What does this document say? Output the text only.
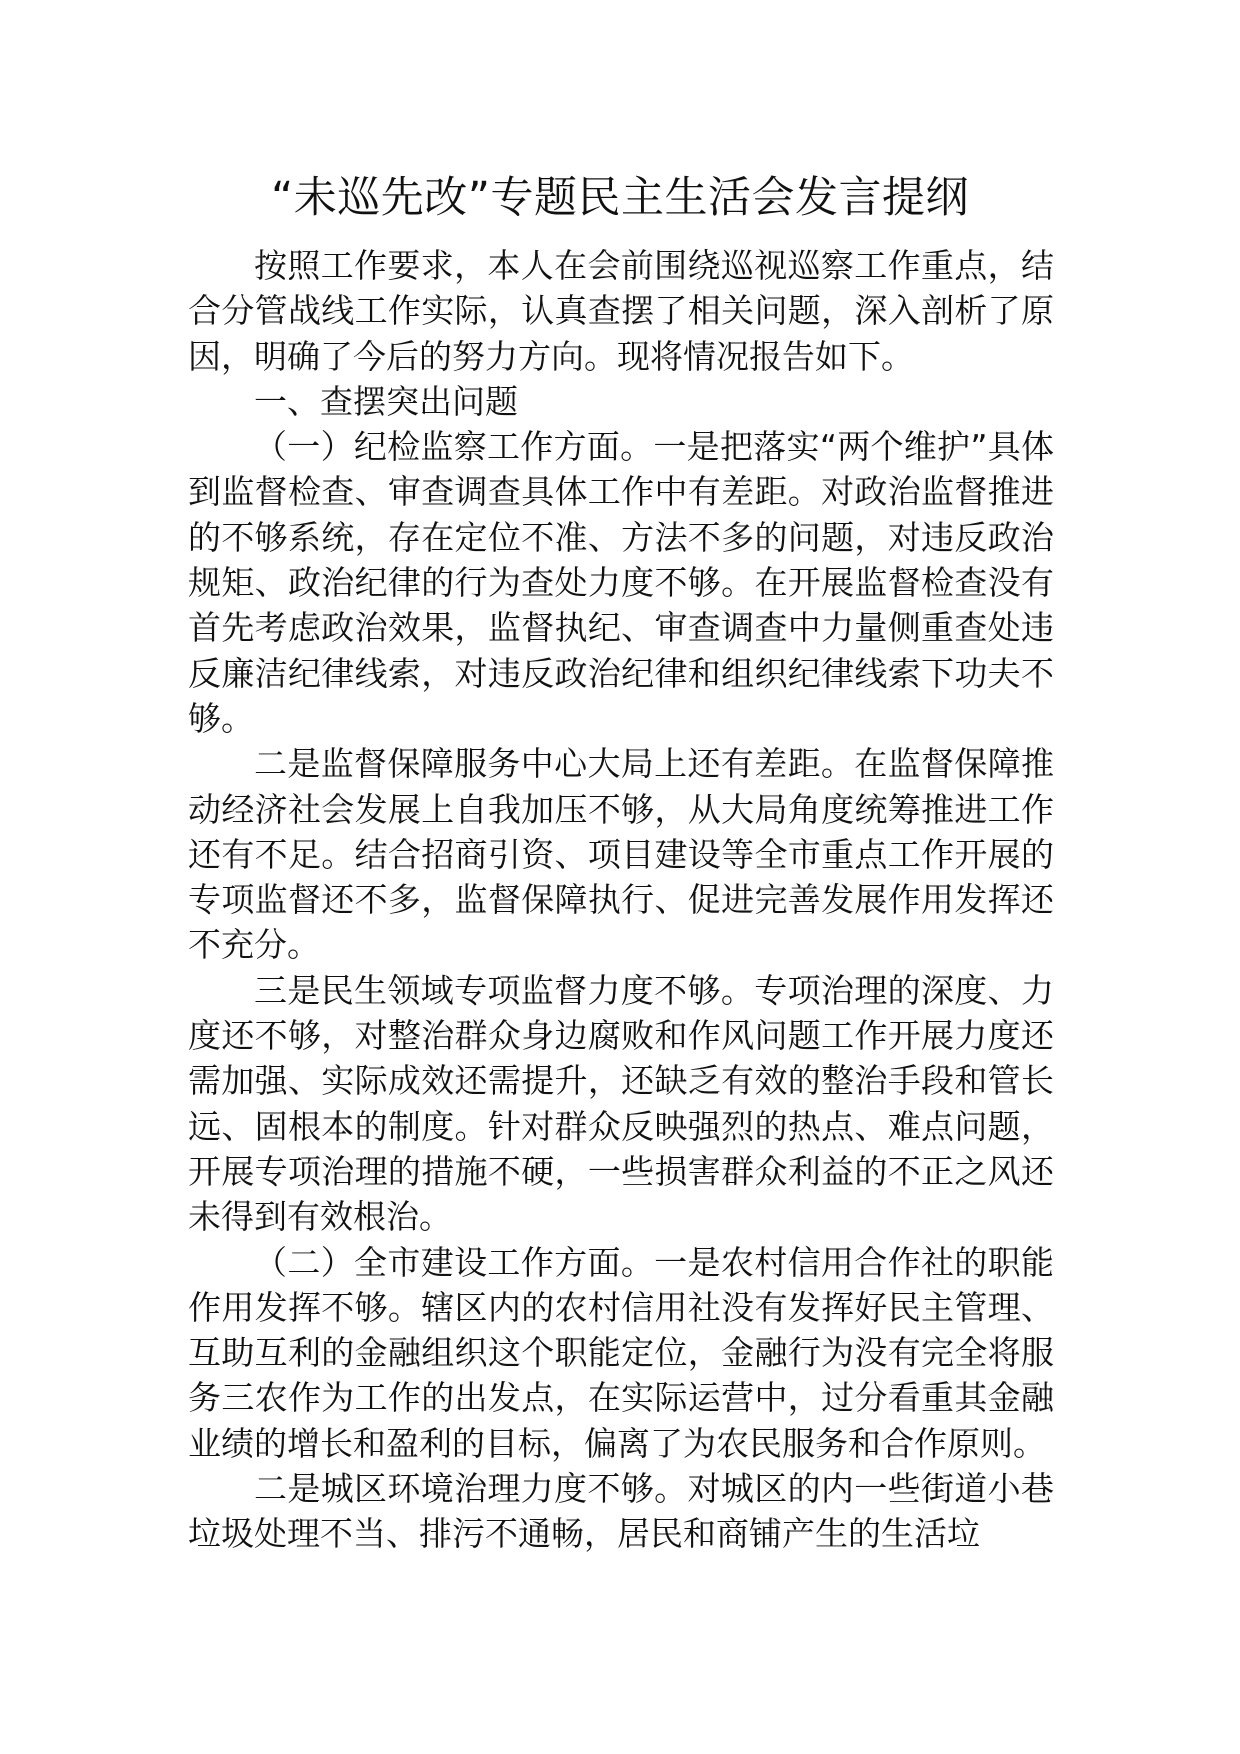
“未巡先改”专题民主生活会发言提纲

按照工作要求，本人在会前围绕巡视巡察工作重点，结合分管战线工作实际，认真查摆了相关问题，深入剖析了原因，明确了今后的努力方向。现将情况报告如下。

一、查摆突出问题

（一）纪检监察工作方面。一是把落实“两个维护”具体到监督检查、审查调查具体工作中有差距。对政治监督推进的不够系统，存在定位不准、方法不多的问题，对违反政治规矩、政治纪律的行为查处力度不够。在开展监督检查没有首先考虑政治效果，监督执纪、审查调查中力量侧重查处违反廉洁纪律线索，对违反政治纪律和组织纪律线索下功夫不够。

二是监督保障服务中心大局上还有差距。在监督保障推动经济社会发展上自我加压不够，从大局角度统筹推进工作还有不足。结合招商引资、项目建设等全市重点工作开展的专项监督还不多，监督保障执行、促进完善发展作用发挥还不充分。

三是民生领域专项监督力度不够。专项治理的深度、力度还不够，对整治群众身边腐败和作风问题工作开展力度还需加强、实际成效还需提升，还缺乏有效的整治手段和管长远、固根本的制度。针对群众反映强烈的热点、难点问题，开展专项治理的措施不硬，一些损害群众利益的不正之风还未得到有效根治。

（二）全市建设工作方面。一是农村信用合作社的职能作用发挥不够。辖区内的农村信用社没有发挥好民主管理、互助互利的金融组织这个职能定位，金融行为没有完全将服务三农作为工作的出发点，在实际运营中，过分看重其金融业绩的增长和盈利的目标，偏离了为农民服务和合作原则。

二是城区环境治理力度不够。对城区的内一些街道小巷垃圾处理不当、排污不通畅，居民和商铺产生的生活垃
